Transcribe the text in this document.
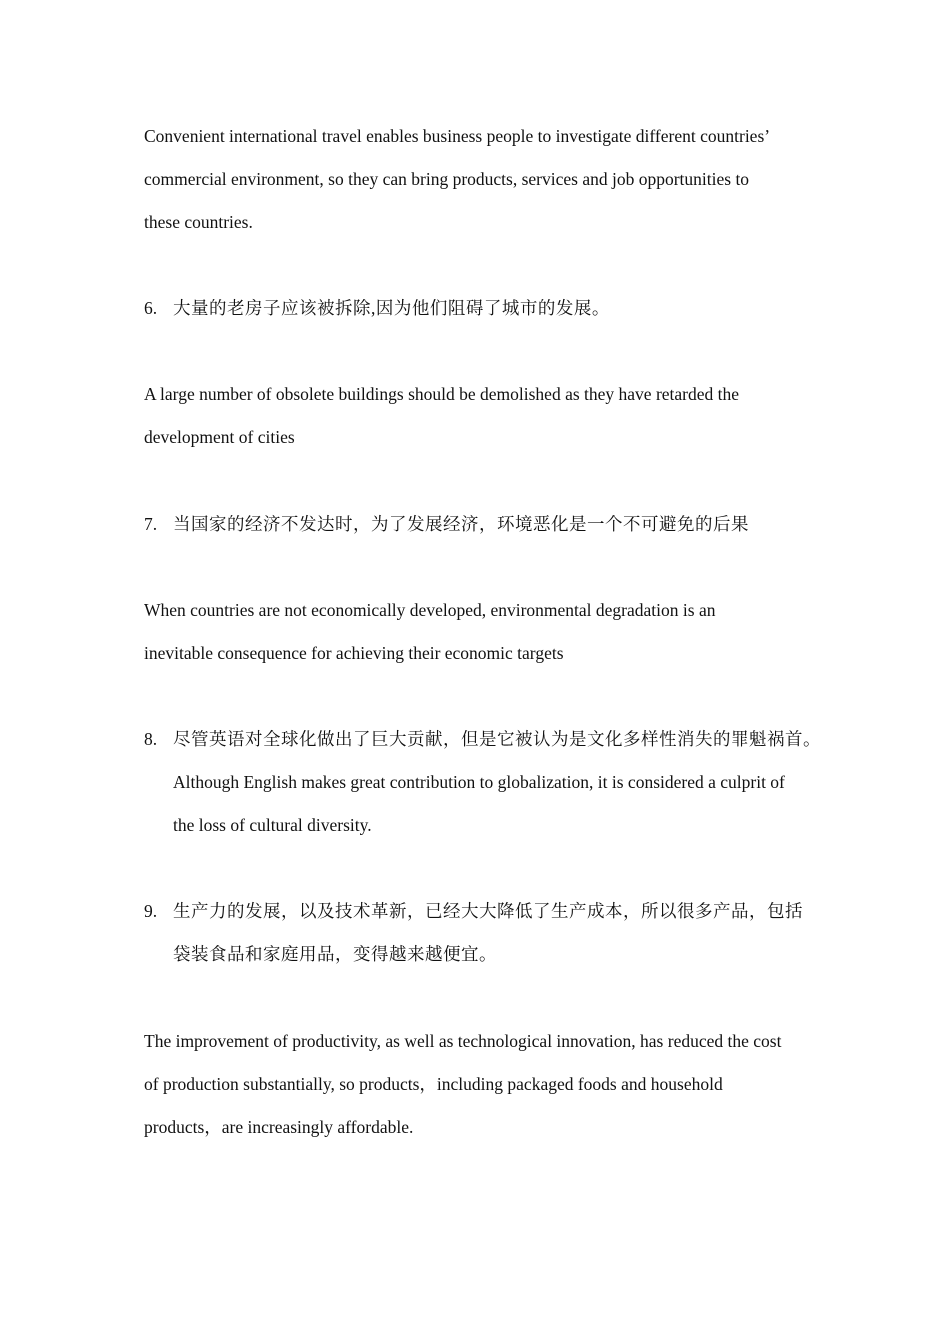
Convenient international travel enables business people to investigate different countries’
commercial environment, so they can bring products, services and job opportunities to
these countries.
6. 大量的老房子应该被拆除,因为他们阻碍了城市的发展。
A large number of obsolete buildings should be demolished as they have retarded the
development of cities
7. 当国家的经济不发达时，为了发展经济，环境恶化是一个不可避免的后果
When countries are not economically developed, environmental degradation is an
inevitable consequence for achieving their economic targets
8. 尽管英语对全球化做出了巨大贡献，但是它被认为是文化多样性消失的罪魁祸首。
Although English makes great contribution to globalization, it is considered a culprit of
the loss of cultural diversity.
9. 生产力的发展，以及技术革新，已经大大降低了生产成本，所以很多产品，包括
袋装食品和家庭用品，变得越来越便宜。
The improvement of productivity, as well as technological innovation, has reduced the cost
of production substantially, so products，including packaged foods and household
products，are increasingly affordable.
